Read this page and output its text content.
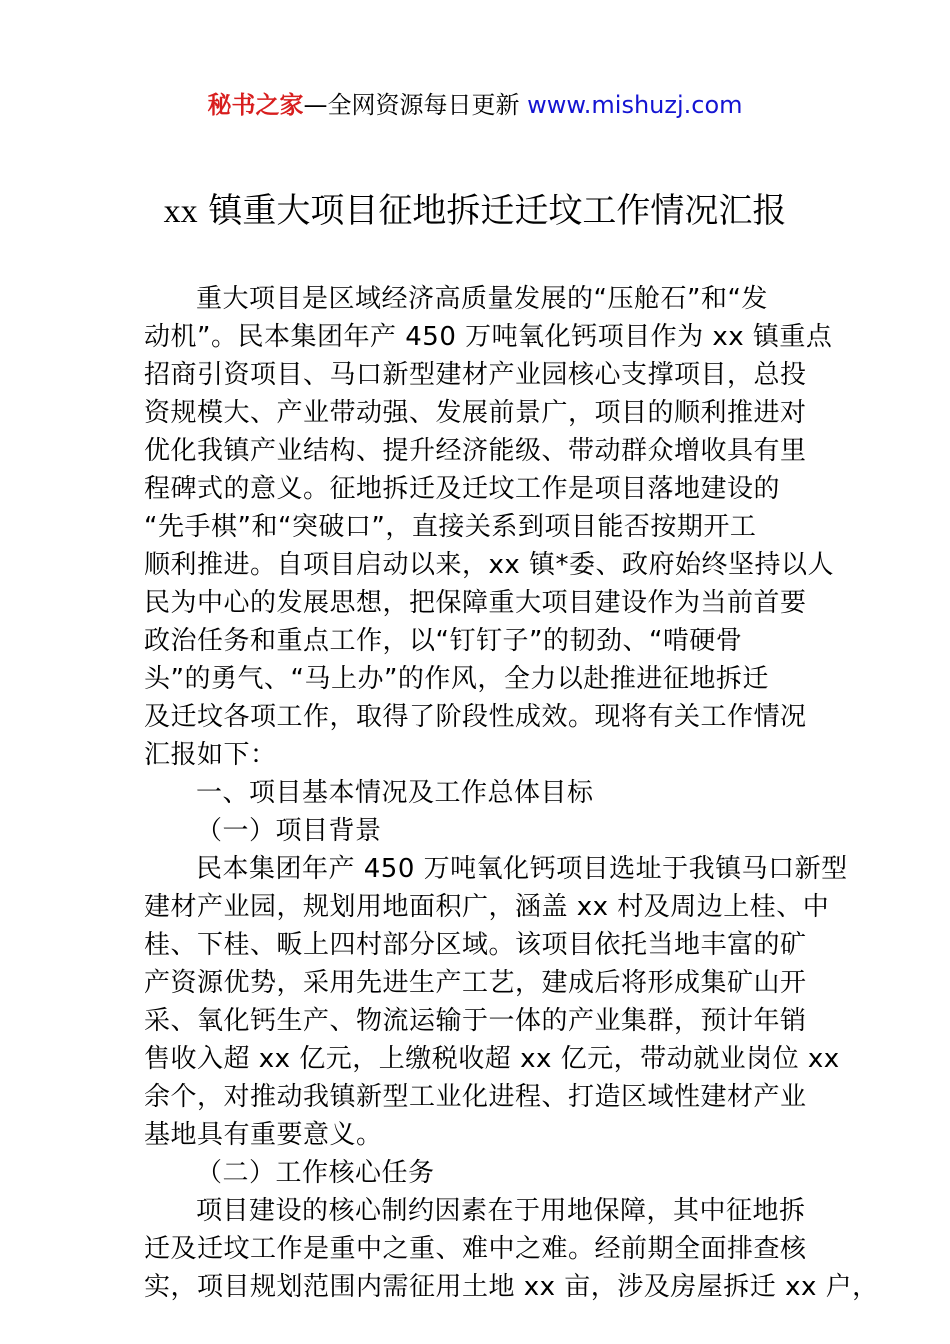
秘书之家—全网资源每日更新 www.mishuzj.com
xx 镇重大项目征地拆迁迁坟工作情况汇报
重大项目是区域经济高质量发展的“压舱石”和“发
动机”。民本集团年产 450 万吨氧化钙项目作为 xx 镇重点
招商引资项目、马口新型建材产业园核心支撑项目，总投
资规模大、产业带动强、发展前景广，项目的顺利推进对
优化我镇产业结构、提升经济能级、带动群众增收具有里
程碑式的意义。征地拆迁及迁坟工作是项目落地建设的
“先手棋”和“突破口”，直接关系到项目能否按期开工
顺利推进。自项目启动以来，xx 镇*委、政府始终坚持以人
民为中心的发展思想，把保障重大项目建设作为当前首要
政治任务和重点工作，以“钉钉子”的韧劲、“啃硬骨
头”的勇气、“马上办”的作风，全力以赴推进征地拆迁
及迁坟各项工作，取得了阶段性成效。现将有关工作情况
汇报如下：
一、项目基本情况及工作总体目标
（一）项目背景
民本集团年产 450 万吨氧化钙项目选址于我镇马口新型
建材产业园，规划用地面积广，涵盖 xx 村及周边上桂、中
桂、下桂、畈上四村部分区域。该项目依托当地丰富的矿
产资源优势，采用先进生产工艺，建成后将形成集矿山开
采、氧化钙生产、物流运输于一体的产业集群，预计年销
售收入超 xx 亿元，上缴税收超 xx 亿元，带动就业岗位 xx
余个，对推动我镇新型工业化进程、打造区域性建材产业
基地具有重要意义。
（二）工作核心任务
项目建设的核心制约因素在于用地保障，其中征地拆
迁及迁坟工作是重中之重、难中之难。经前期全面排查核
实，项目规划范围内需征用土地 xx 亩，涉及房屋拆迁 xx 户，
